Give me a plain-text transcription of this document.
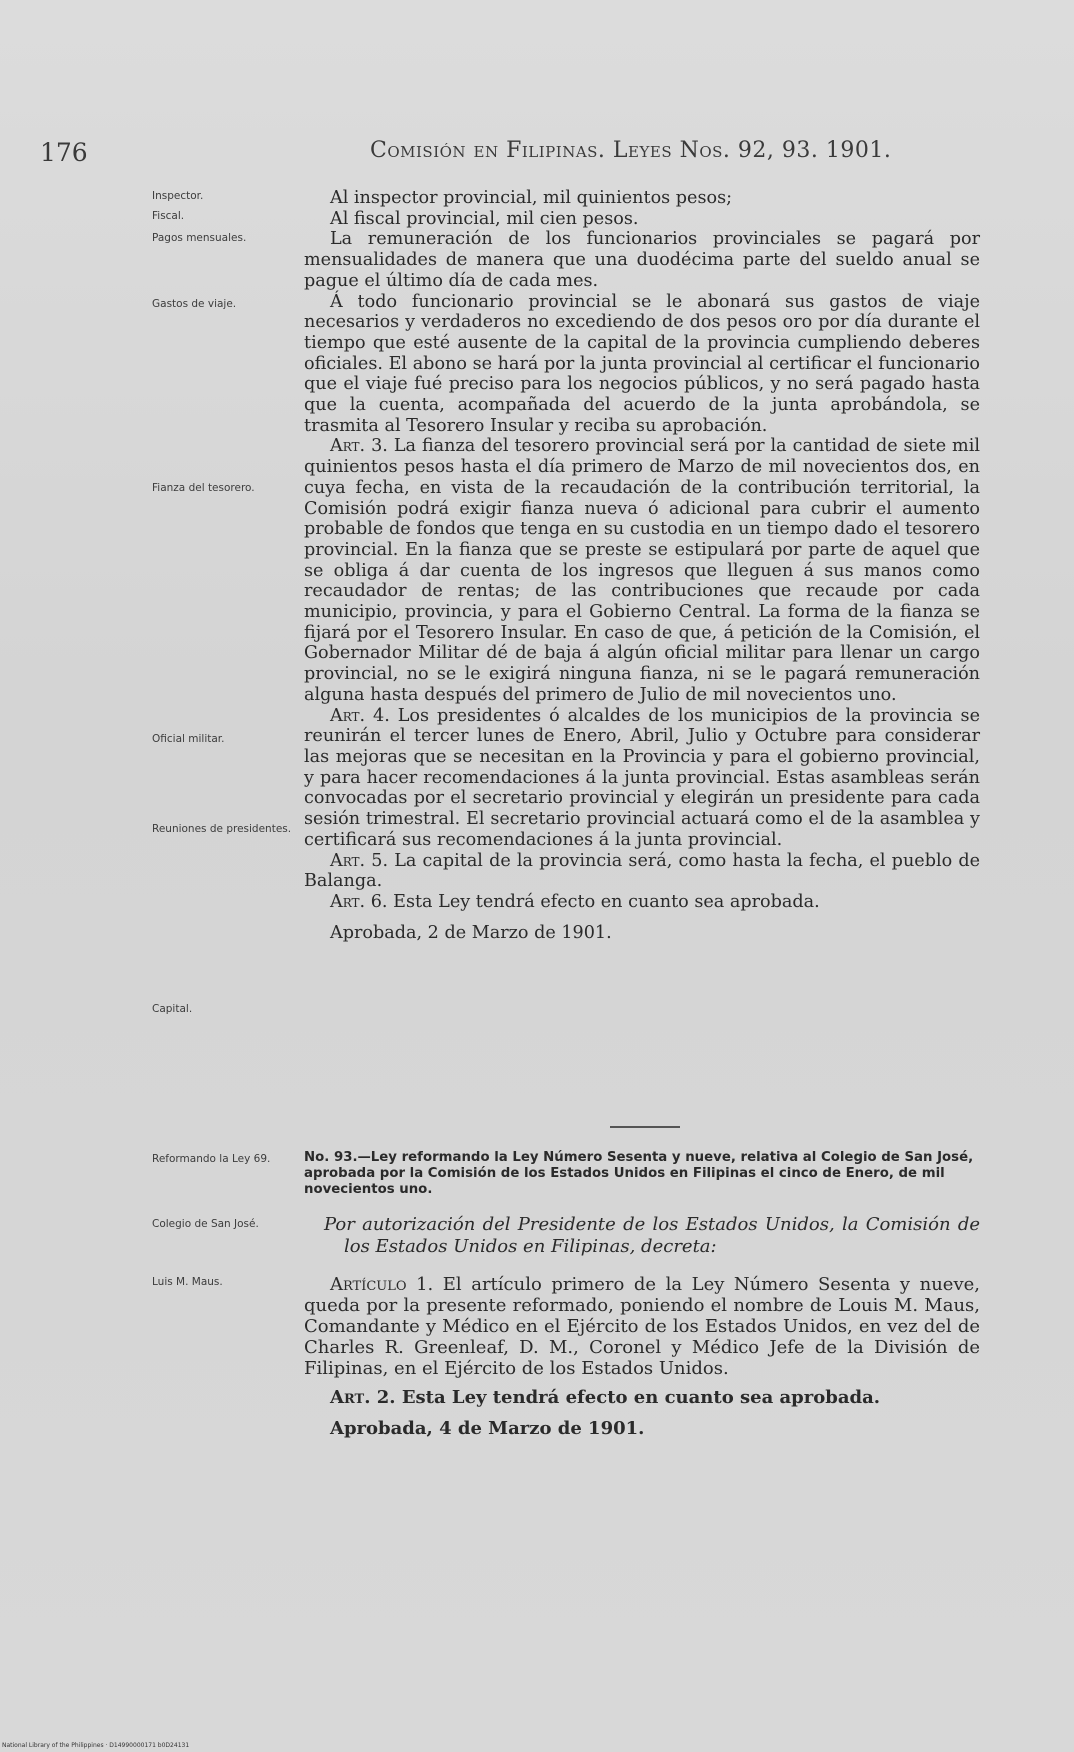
176	Comisión en Filipinas. Leyes Nos. 92, 93. 1901.
Inspector.
Fiscal.
Pagos mensuales.
Gastos de viaje.
Fianza del tesorero.
Oficial militar.
Reuniones de presidentes.
Capital.
Reformando la Ley 69.
Colegio de San José.
Luis M. Maus.

Al inspector provincial, mil quinientos pesos;

Al fiscal provincial, mil cien pesos.

La remuneración de los funcionarios provinciales se pagará por mensualidades de manera que una duodécima parte del sueldo anual se pague el último día de cada mes.

Á todo funcionario provincial se le abonará sus gastos de viaje necesarios y verdaderos no excediendo de dos pesos oro por día durante el tiempo que esté ausente de la capital de la provincia cumpliendo deberes oficiales. El abono se hará por la junta provincial al certificar el funcionario que el viaje fué preciso para los negocios públicos, y no será pagado hasta que la cuenta, acompañada del acuerdo de la junta aprobándola, se trasmita al Tesorero Insular y reciba su aprobación.

Art. 3. La fianza del tesorero provincial será por la cantidad de siete mil quinientos pesos hasta el día primero de Marzo de mil novecientos dos, en cuya fecha, en vista de la recaudación de la contribución territorial, la Comisión podrá exigir fianza nueva ó adicional para cubrir el aumento probable de fondos que tenga en su custodia en un tiempo dado el tesorero provincial. En la fianza que se preste se estipulará por parte de aquel que se obliga á dar cuenta de los ingresos que lleguen á sus manos como recaudador de rentas; de las contribuciones que recaude por cada municipio, provincia, y para el Gobierno Central. La forma de la fianza se fijará por el Tesorero Insular. En caso de que, á petición de la Comisión, el Gobernador Militar dé de baja á algún oficial militar para llenar un cargo provincial, no se le exigirá ninguna fianza, ni se le pagará remuneración alguna hasta después del primero de Julio de mil novecientos uno.

Art. 4. Los presidentes ó alcaldes de los municipios de la provincia se reunirán el tercer lunes de Enero, Abril, Julio y Octubre para considerar las mejoras que se necesitan en la Provincia y para el gobierno provincial, y para hacer recomendaciones á la junta provincial. Estas asambleas serán convocadas por el secretario provincial y elegirán un presidente para cada sesión trimestral. El secretario provincial actuará como el de la asamblea y certificará sus recomendaciones á la junta provincial.

Art. 5. La capital de la provincia será, como hasta la fecha, el pueblo de Balanga.

Art. 6. Esta Ley tendrá efecto en cuanto sea aprobada.

Aprobada, 2 de Marzo de 1901.

No. 93.—Ley reformando la Ley Número Sesenta y nueve, relativa al Colegio de San José, aprobada por la Comisión de los Estados Unidos en Filipinas el cinco de Enero, de mil novecientos uno.

Por autorización del Presidente de los Estados Unidos, la Comisión de los Estados Unidos en Filipinas, decreta:

Artículo 1. El artículo primero de la Ley Número Sesenta y nueve, queda por la presente reformado, poniendo el nombre de Louis M. Maus, Comandante y Médico en el Ejército de los Estados Unidos, en vez del de Charles R. Greenleaf, D. M., Coronel y Médico Jefe de la División de Filipinas, en el Ejército de los Estados Unidos.

Art. 2. Esta Ley tendrá efecto en cuanto sea aprobada.

Aprobada, 4 de Marzo de 1901.

National Library of the Philippines · D14990000171 b0D24131
